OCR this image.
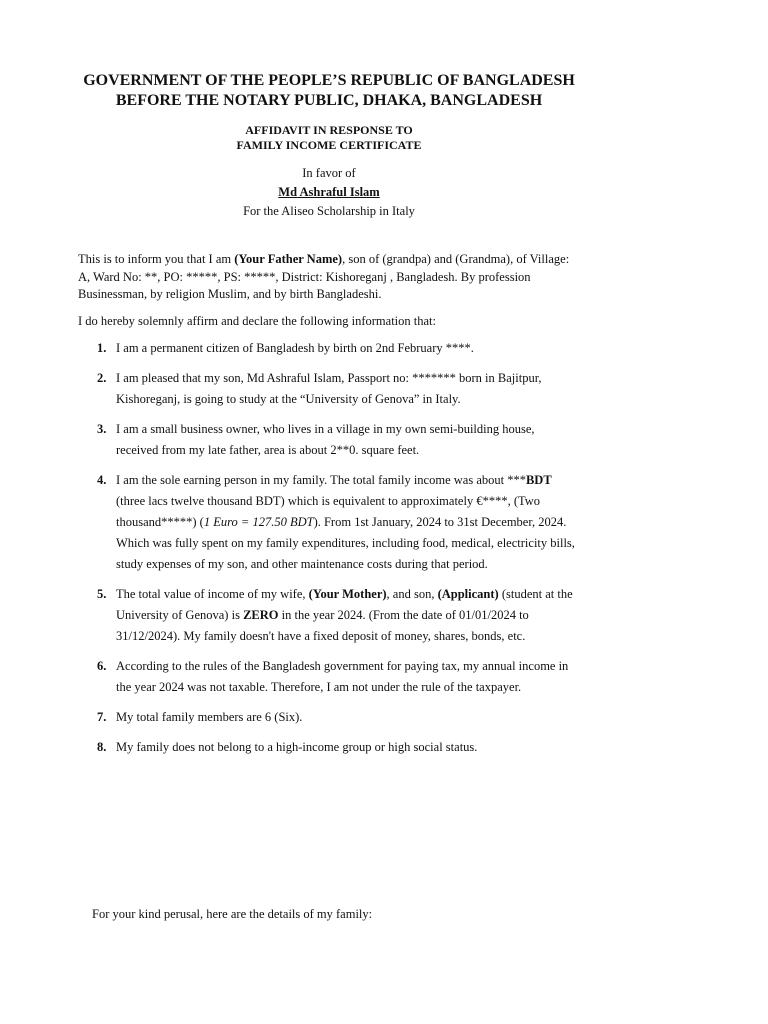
GOVERNMENT OF THE PEOPLE’S REPUBLIC OF BANGLADESH
BEFORE THE NOTARY PUBLIC, DHAKA, BANGLADESH
AFFIDAVIT IN RESPONSE TO
FAMILY INCOME CERTIFICATE
In favor of
Md Ashraful Islam
For the Aliseo Scholarship in Italy
This is to inform you that I am (Your Father Name), son of (grandpa) and (Grandma), of Village: A, Ward No: **, PO: *****, PS: *****, District: Kishoreganj , Bangladesh. By profession Businessman, by religion Muslim, and by birth Bangladeshi.
I do hereby solemnly affirm and declare the following information that:
1. I am a permanent citizen of Bangladesh by birth on 2nd February ****.
2. I am pleased that my son, Md Ashraful Islam, Passport no: ******* born in Bajitpur, Kishoreganj, is going to study at the “University of Genova” in Italy.
3. I am a small business owner, who lives in a village in my own semi-building house, received from my late father, area is about 2**0. square feet.
4. I am the sole earning person in my family. The total family income was about ***BDT (three lacs twelve thousand BDT) which is equivalent to approximately €****, (Two thousand*****) (1 Euro = 127.50 BDT). From 1st January, 2024 to 31st December, 2024. Which was fully spent on my family expenditures, including food, medical, electricity bills, study expenses of my son, and other maintenance costs during that period.
5. The total value of income of my wife, (Your Mother), and son, (Applicant) (student at the University of Genova) is ZERO in the year 2024. (From the date of 01/01/2024 to 31/12/2024). My family doesn't have a fixed deposit of money, shares, bonds, etc.
6. According to the rules of the Bangladesh government for paying tax, my annual income in the year 2024 was not taxable. Therefore, I am not under the rule of the taxpayer.
7. My total family members are 6 (Six).
8. My family does not belong to a high-income group or high social status.
For your kind perusal, here are the details of my family:
